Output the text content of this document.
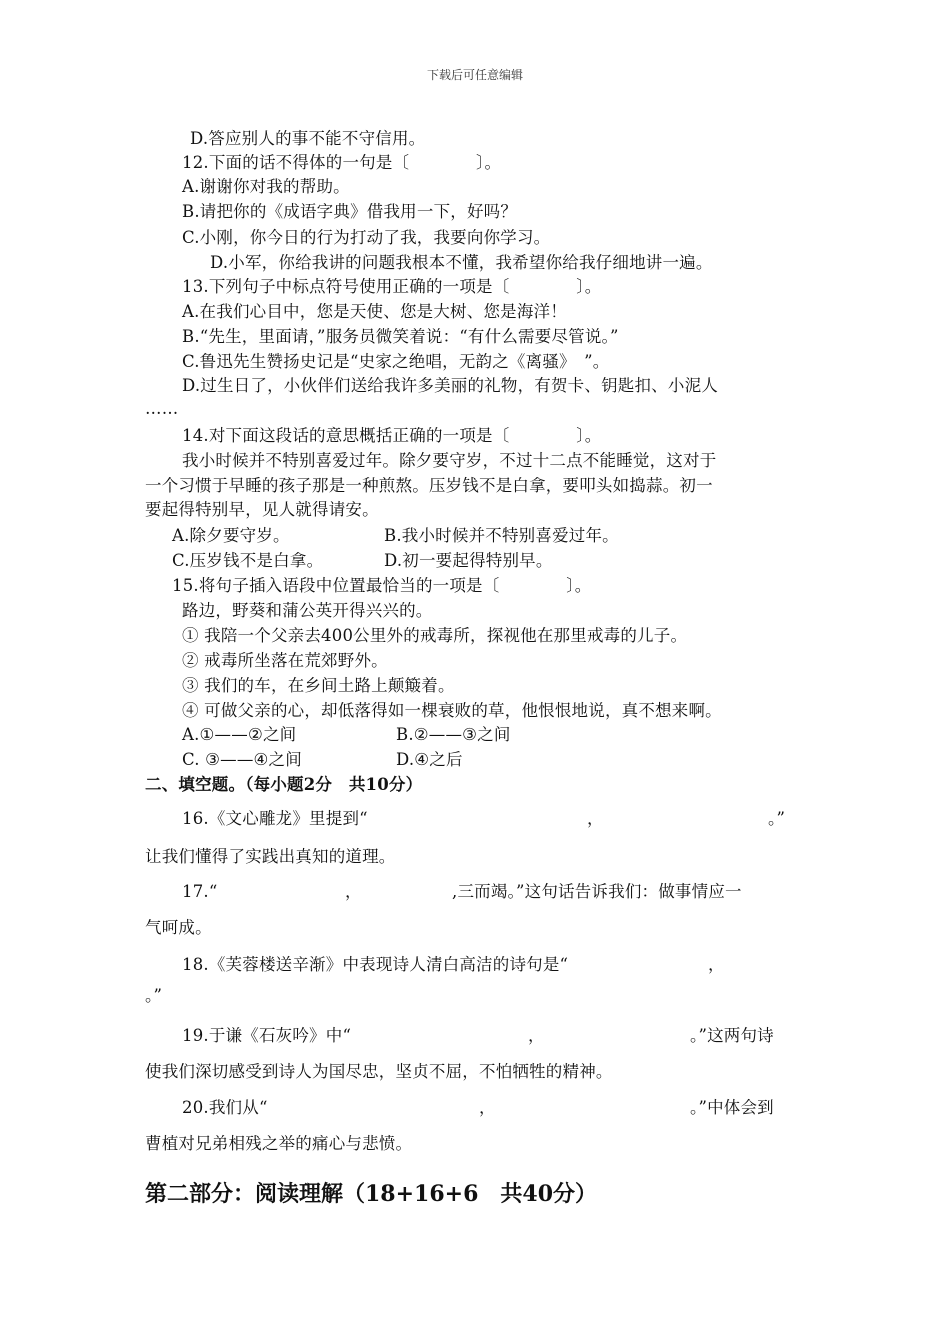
下载后可任意编辑
D.答应别人的事不能不守信用。
12.下面的话不得体的一句是〔　　　　〕。
A.谢谢你对我的帮助。
B.请把你的《成语字典》借我用一下，好吗？
C.小刚，你今日的行为打动了我，我要向你学习。
D.小军，你给我讲的问题我根本不懂，我希望你给我仔细地讲一遍。
13.下列句子中标点符号使用正确的一项是〔　　　　〕。
A.在我们心目中，您是天使、您是大树、您是海洋！
B.“先生，里面请，”服务员微笑着说：“有什么需要尽管说。”
C.鲁迅先生赞扬史记是“史家之绝唱，无韵之《离骚》　”。
D.过生日了，小伙伴们送给我许多美丽的礼物，有贺卡、钥匙扣、小泥人
……
14.对下面这段话的意思概括正确的一项是〔　　　　〕。
我小时候并不特别喜爱过年。除夕要守岁，不过十二点不能睡觉，这对于
一个习惯于早睡的孩子那是一种煎熬。压岁钱不是白拿，要叩头如捣蒜。初一
要起得特别早，见人就得请安。
A.除夕要守岁。	B.我小时候并不特别喜爱过年。
C.压岁钱不是白拿。	D.初一要起得特别早。
15.将句子插入语段中位置最恰当的一项是〔　　　　〕。
路边，野葵和蒲公英开得兴兴的。
① 我陪一个父亲去400公里外的戒毒所，探视他在那里戒毒的儿子。
② 戒毒所坐落在荒郊野外。
③ 我们的车，在乡间土路上颠簸着。
④ 可做父亲的心，却低落得如一棵衰败的草，他恨恨地说，真不想来啊。
A.①——②之间	B.②——③之间
C. ③——④之间	D.④之后
二、填空题。（每小题2分　共10分）
16.《文心雕龙》里提到“	，	。”
让我们懂得了实践出真知的道理。
17.“	，	,三而竭。”这句话告诉我们：做事情应一
气呵成。
18.《芙蓉楼送辛渐》中表现诗人清白高洁的诗句是“	，
。”
19.于谦《石灰吟》中“	，	。”这两句诗
使我们深切感受到诗人为国尽忠，坚贞不屈，不怕牺牲的精神。
20.我们从“	，	。”中体会到
曹植对兄弟相残之举的痛心与悲愤。
第二部分：阅读理解（18+16+6　共40分）
